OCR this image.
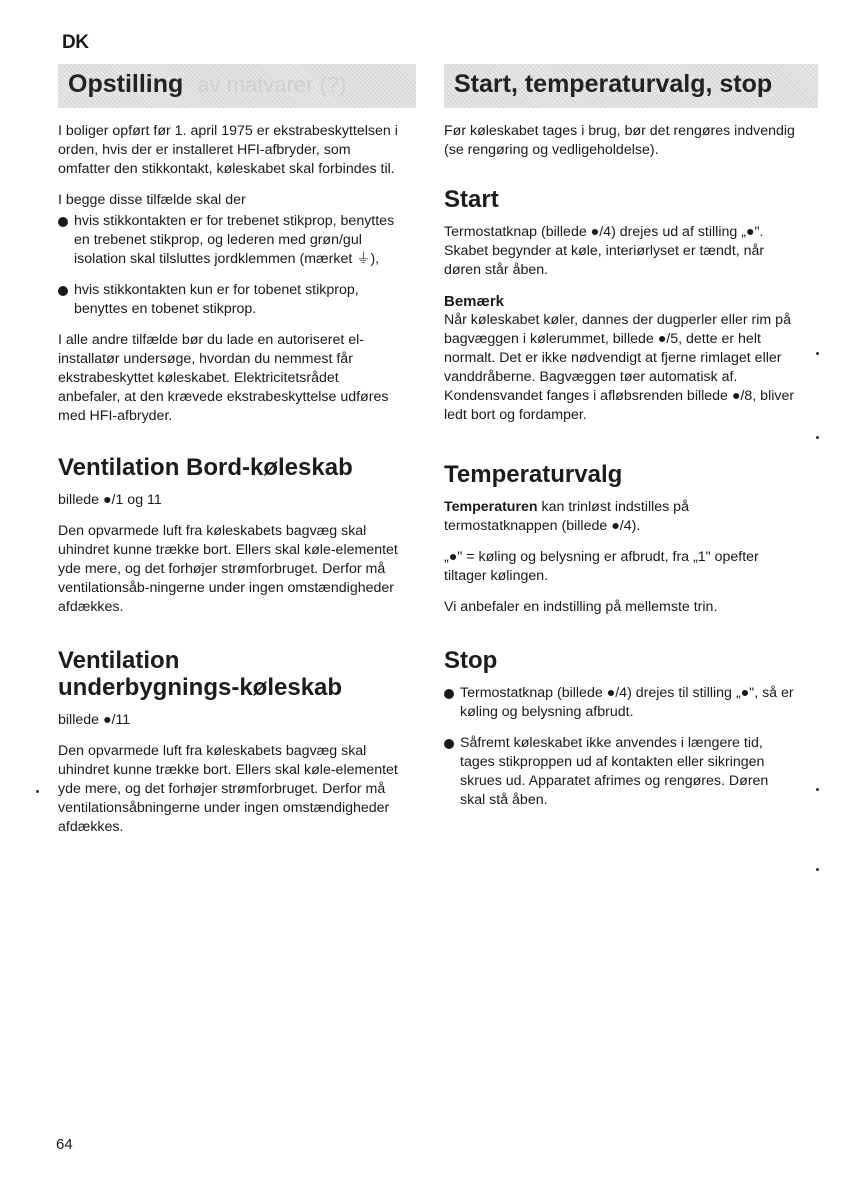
DK
Opstilling av matvarer (?)	Start, temperaturvalg, stop

I boliger opført før 1. april 1975 er ekstrabeskyttelsen i orden, hvis der er installeret HFI-afbryder, som omfatter den stikkontakt, køleskabet skal forbindes til.

I begge disse tilfælde skal der

hvis stikkontakten er for trebenet stikprop, benyttes en trebenet stikprop, og lederen med grøn/gul isolation skal tilsluttes jordklemmen (mærket ⏚),
hvis stikkontakten kun er for tobenet stikprop, benyttes en tobenet stikprop.

I alle andre tilfælde bør du lade en autoriseret el-installatør undersøge, hvordan du nemmest får ekstrabeskyttet køleskabet. Elektricitetsrådet anbefaler, at den krævede ekstrabeskyttelse udføres med HFI-afbryder.

Ventilation Bord-køleskab

billede ●/1 og 11

Den opvarmede luft fra køleskabets bagvæg skal uhindret kunne trække bort. Ellers skal køle-elementet yde mere, og det forhøjer strømforbruget. Derfor må ventilationsåb-ningerne under ingen omstændigheder afdækkes.

Ventilation underbygnings-køleskab

billede ●/11

Den opvarmede luft fra køleskabets bagvæg skal uhindret kunne trække bort. Ellers skal køle-elementet yde mere, og det forhøjer strømforbruget. Derfor må ventilationsåbningerne under ingen omstændigheder afdækkes.

Før køleskabet tages i brug, bør det rengøres indvendig (se rengøring og vedligeholdelse).

Start

Termostatknap (billede ●/4) drejes ud af stilling „●". Skabet begynder at køle, interiørlyset er tændt, når døren står åben.

Bemærk

Når køleskabet køler, dannes der dugperler eller rim på bagvæggen i kølerummet, billede ●/5, dette er helt normalt. Det er ikke nødvendigt at fjerne rimlaget eller vanddråberne. Bagvæggen tøer automatisk af. Kondensvandet fanges i afløbsrenden billede ●/8, bliver ledt bort og fordamper.

Temperaturvalg

Temperaturen kan trinløst indstilles på termostatknappen (billede ●/4).

„●" = køling og belysning er afbrudt, fra „1" opefter tiltager kølingen.

Vi anbefaler en indstilling på mellemste trin.

Stop
Termostatknap (billede ●/4) drejes til stilling „●", så er køling og belysning afbrudt.
Såfremt køleskabet ikke anvendes i længere tid, tages stikproppen ud af kontakten eller sikringen skrues ud. Apparatet afrimes og rengøres. Døren skal stå åben.
64
